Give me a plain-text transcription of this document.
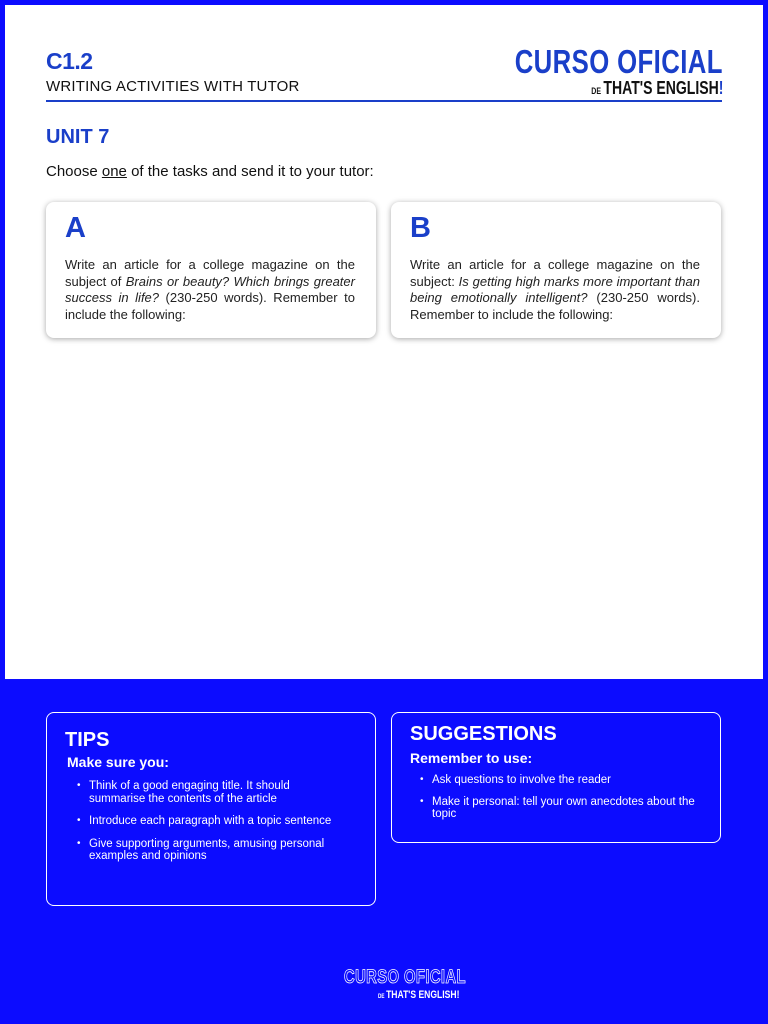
C1.2
WRITING ACTIVITIES WITH TUTOR
CURSO OFICIAL
DE THAT'S ENGLISH!
UNIT 7
Choose one of the tasks and send it to your tutor:
A
Write an article for a college magazine on the subject of Brains or beauty? Which brings greater success in life? (230-250 words). Remember to include the following:
B
Write an article for a college magazine on the subject: Is getting high marks more important than being emotionally intelligent? (230-250 words). Remember to include the following:
TIPS
Make sure you:
• Think of a good engaging title. It should summarise the contents of the article
• Introduce each paragraph with a topic sentence
• Give supporting arguments, amusing personal examples and opinions
SUGGESTIONS
Remember to use:
• Ask questions to involve the reader
• Make it personal: tell your own anecdotes about the topic
CURSO OFICIAL
DE THAT'S ENGLISH!
